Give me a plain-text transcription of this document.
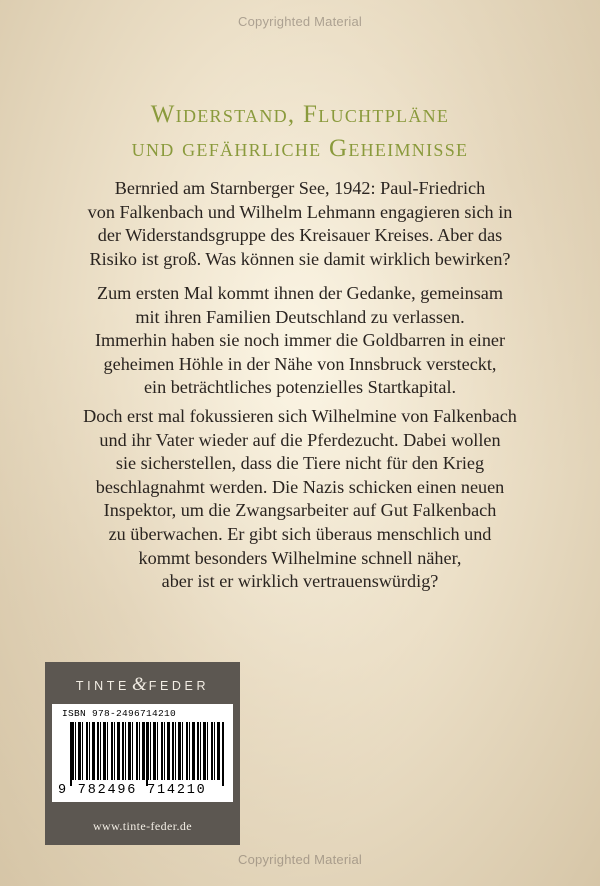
Copyrighted Material
Widerstand, Fluchtpläne
und gefährliche Geheimnisse
Bernried am Starnberger See, 1942: Paul-Friedrich
von Falkenbach und Wilhelm Lehmann engagieren sich in
der Widerstandsgruppe des Kreisauer Kreises. Aber das
Risiko ist groß. Was können sie damit wirklich bewirken?
Zum ersten Mal kommt ihnen der Gedanke, gemeinsam
mit ihren Familien Deutschland zu verlassen.
Immerhin haben sie noch immer die Goldbarren in einer
geheimen Höhle in der Nähe von Innsbruck versteckt,
ein beträchtliches potenzielles Startkapital.
Doch erst mal fokussieren sich Wilhelmine von Falkenbach
und ihr Vater wieder auf die Pferdezucht. Dabei wollen
sie sicherstellen, dass die Tiere nicht für den Krieg
beschlagnahmt werden. Die Nazis schicken einen neuen
Inspektor, um die Zwangsarbeiter auf Gut Falkenbach
zu überwachen. Er gibt sich überaus menschlich und
kommt besonders Wilhelmine schnell näher,
aber ist er wirklich vertrauenswürdig?
TINTE & FEDER
ISBN 978-2496714210
9 782496 714210
www.tinte-feder.de
Copyrighted Material
